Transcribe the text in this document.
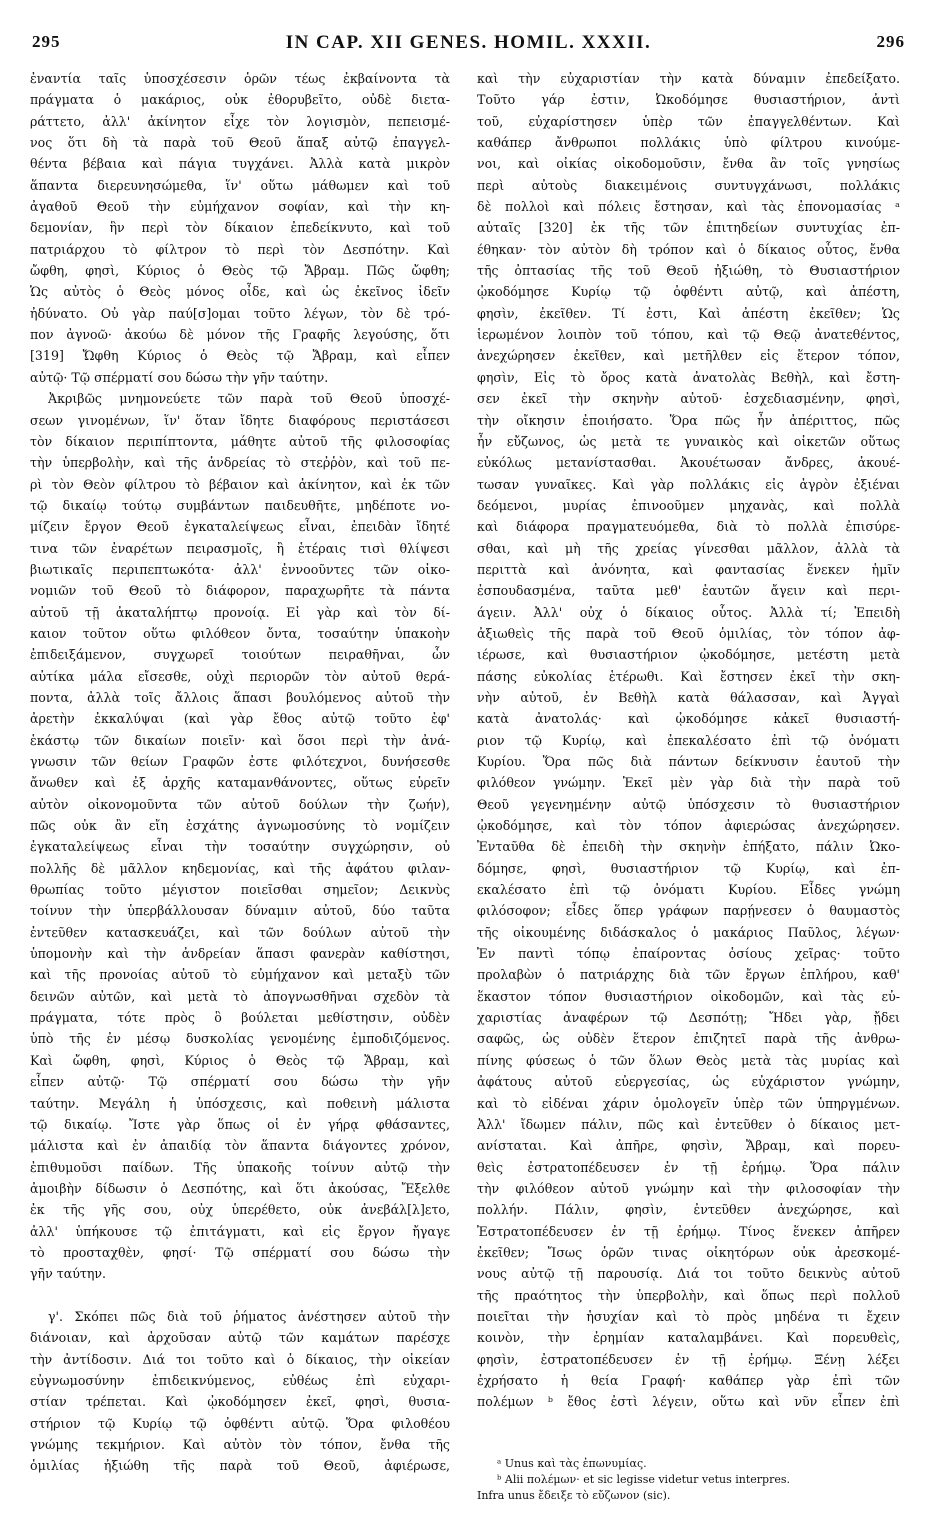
295	IN CAP. XII GENES. HOMIL. XXXII.	296
ἐναντία ταῖς ὑποσχέσεσιν ὁρῶν τέως ἐκβαίνοντα τὰ
πράγματα ὁ μακάριος, οὐκ ἐθορυβεῖτο, οὐδὲ διετα-
ράττετο, ἀλλ' ἀκίνητον εἶχε τὸν λογισμὸν, πεπεισμέ-
νος ὅτι δὴ τὰ παρὰ τοῦ Θεοῦ ἅπαξ αὐτῷ ἐπαγγελ-
θέντα βέβαια καὶ πάγια τυγχάνει. Ἀλλὰ κατὰ μικρὸν
ἅπαντα διερευνησώμεθα, ἵν' οὕτω μάθωμεν καὶ τοῦ
ἀγαθοῦ Θεοῦ τὴν εὐμήχανον σοφίαν, καὶ τὴν κη-
δεμονίαν, ἣν περὶ τὸν δίκαιον ἐπεδείκνυτο, καὶ τοῦ
πατριάρχου τὸ φίλτρον τὸ περὶ τὸν Δεσπότην. Καὶ
ὤφθη, φησὶ, Κύριος ὁ Θεὸς τῷ Ἄβραμ. Πῶς ὤφθη;
Ὡς αὐτὸς ὁ Θεὸς μόνος οἶδε, καὶ ὡς ἐκεῖνος ἰδεῖν
ἠδύνατο. Οὐ γὰρ παύ[σ]ομαι τοῦτο λέγων, τὸν δὲ τρό-
πον ἀγνοῶ· ἀκούω δὲ μόνον τῆς Γραφῆς λεγούσης, ὅτι
[319] Ὤφθη Κύριος ὁ Θεὸς τῷ Ἄβραμ, καὶ εἶπεν
αὐτῷ· Τῷ σπέρματί σου δώσω τὴν γῆν ταύτην.
Ἀκριβῶς μνημονεύετε τῶν παρὰ τοῦ Θεοῦ ὑποσχέ-
σεων γινομένων, ἵν' ὅταν ἴδητε διαφόρους περιστάσεσι
τὸν δίκαιον περιπίπτοντα, μάθητε αὐτοῦ τῆς φιλοσοφίας
τὴν ὑπερβολὴν, καὶ τῆς ἀνδρείας τὸ στεῤῥὸν, καὶ τοῦ πε-
ρὶ τὸν Θεὸν φίλτρου τὸ βέβαιον καὶ ἀκίνητον, καὶ ἐκ τῶν
τῷ δικαίῳ τούτῳ συμβάντων παιδευθῆτε, μηδέποτε νο-
μίζειν ἔργον Θεοῦ ἐγκαταλείψεως εἶναι, ἐπειδὰν ἴδητέ
τινα τῶν ἐναρέτων πειρασμοῖς, ἢ ἑτέραις τισὶ θλίψεσι
βιωτικαῖς περιπεπτωκότα· ἀλλ' ἐννοοῦντες τῶν οἰκο-
νομιῶν τοῦ Θεοῦ τὸ διάφορον, παραχωρῆτε τὰ πάντα
αὐτοῦ τῇ ἀκαταλήπτῳ προνοίᾳ. Εἰ γὰρ καὶ τὸν δί-
καιον τοῦτον οὕτω φιλόθεον ὄντα, τοσαύτην ὑπακοὴν
ἐπιδειξάμενον, συγχωρεῖ τοιούτων πειραθῆναι, ὧν
αὐτίκα μάλα εἴσεσθε, οὐχὶ περιορῶν τὸν αὐτοῦ θερά-
ποντα, ἀλλὰ τοῖς ἄλλοις ἅπασι βουλόμενος αὐτοῦ τὴν
ἀρετὴν ἐκκαλύψαι (καὶ γὰρ ἔθος αὐτῷ τοῦτο ἐφ'
ἑκάστῳ τῶν δικαίων ποιεῖν· καὶ ὅσοι περὶ τὴν ἀνά-
γνωσιν τῶν θείων Γραφῶν ἐστε φιλότεχνοι, δυνήσεσθε
ἄνωθεν καὶ ἐξ ἀρχῆς καταμανθάνοντες, οὕτως εὑρεῖν
αὐτὸν οἰκονομοῦντα τῶν αὐτοῦ δούλων τὴν ζωήν),
πῶς οὐκ ἂν εἴη ἐσχάτης ἀγνωμοσύνης τὸ νομίζειν
ἐγκαταλείψεως εἶναι τὴν τοσαύτην συγχώρησιν, οὐ
πολλῆς δὲ μᾶλλον κηδεμονίας, καὶ τῆς ἀφάτου φιλαν-
θρωπίας τοῦτο μέγιστον ποιεῖσθαι σημεῖον; Δεικνὺς
τοίνυν τὴν ὑπερβάλλουσαν δύναμιν αὐτοῦ, δύο ταῦτα
ἐντεῦθεν κατασκευάζει, καὶ τῶν δούλων αὐτοῦ τὴν
ὑπομονὴν καὶ τὴν ἀνδρείαν ἅπασι φανερὰν καθίστησι,
καὶ τῆς προνοίας αὐτοῦ τὸ εὐμήχανον καὶ μεταξὺ τῶν
δεινῶν αὐτῶν, καὶ μετὰ τὸ ἀπογνωσθῆναι σχεδὸν τὰ
πράγματα, τότε πρὸς ὃ βούλεται μεθίστησιν, οὐδὲν
ὑπὸ τῆς ἐν μέσῳ δυσκολίας γενομένης ἐμποδιζόμενος.
Καὶ ὤφθη, φησὶ, Κύριος ὁ Θεὸς τῷ Ἄβραμ, καὶ
εἶπεν αὐτῷ· Τῷ σπέρματί σου δώσω τὴν γῆν
ταύτην. Μεγάλη ἡ ὑπόσχεσις, καὶ ποθεινὴ μάλιστα
τῷ δικαίῳ. Ἴστε γὰρ ὅπως οἱ ἐν γήρᾳ φθάσαντες,
μάλιστα καὶ ἐν ἀπαιδίᾳ τὸν ἅπαντα διάγοντες χρόνον,
ἐπιθυμοῦσι παίδων. Τῆς ὑπακοῆς τοίνυν αὐτῷ τὴν
ἀμοιβὴν δίδωσιν ὁ Δεσπότης, καὶ ὅτι ἀκούσας, Ἔξελθε
ἐκ τῆς γῆς σου, οὐχ ὑπερέθετο, οὐκ ἀνεβάλ[λ]ετο,
ἀλλ' ὑπήκουσε τῷ ἐπιτάγματι, καὶ εἰς ἔργον ἤγαγε
τὸ προσταχθὲν, φησί· Τῷ σπέρματί σου δώσω τὴν
γῆν ταύτην.

γ'. Σκόπει πῶς διὰ τοῦ ῥήματος ἀνέστησεν αὐτοῦ τὴν
διάνοιαν, καὶ ἀρχοῦσαν αὐτῷ τῶν καμάτων παρέσχε
τὴν ἀντίδοσιν. Διά τοι τοῦτο καὶ ὁ δίκαιος, τὴν οἰκείαν
εὐγνωμοσύνην ἐπιδεικνύμενος, εὐθέως ἐπὶ εὐχαρι-
στίαν τρέπεται. Καὶ ᾠκοδόμησεν ἐκεῖ, φησὶ, θυσια-
στήριον τῷ Κυρίῳ τῷ ὀφθέντι αὐτῷ. Ὅρα φιλοθέου
γνώμης τεκμήριον. Καὶ αὐτὸν τὸν τόπον, ἔνθα τῆς
ὁμιλίας ἠξιώθη τῆς παρὰ τοῦ Θεοῦ, ἀφιέρωσε,
καὶ τὴν εὐχαριστίαν τὴν κατὰ δύναμιν ἐπεδείξατο.
Τοῦτο γάρ ἐστιν, Ὠκοδόμησε θυσιαστήριον, ἀντὶ
τοῦ, εὐχαρίστησεν ὑπὲρ τῶν ἐπαγγελθέντων. Καὶ
καθάπερ ἄνθρωποι πολλάκις ὑπὸ φίλτρου κινούμε-
νοι, καὶ οἰκίας οἰκοδομοῦσιν, ἔνθα ἂν τοῖς γνησίως
περὶ αὐτοὺς διακειμένοις συντυγχάνωσι, πολλάκις
δὲ πολλοὶ καὶ πόλεις ἔστησαν, καὶ τὰς ἐπονομασίας ᵃ
αὐταῖς [320] ἐκ τῆς τῶν ἐπιτηδείων συντυχίας ἐπ-
έθηκαν· τὸν αὐτὸν δὴ τρόπον καὶ ὁ δίκαιος οὗτος, ἔνθα
τῆς ὀπτασίας τῆς τοῦ Θεοῦ ἠξιώθη, τὸ Θυσιαστήριον
ᾠκοδόμησε Κυρίῳ τῷ ὀφθέντι αὐτῷ, καὶ ἀπέστη,
φησὶν, ἐκεῖθεν. Τί ἐστι, Καὶ ἀπέστη ἐκεῖθεν; Ὡς
ἱερωμένον λοιπὸν τοῦ τόπου, καὶ τῷ Θεῷ ἀνατεθέντος,
ἀνεχώρησεν ἐκεῖθεν, καὶ μετῆλθεν εἰς ἕτερον τόπον,
φησὶν, Εἰς τὸ ὄρος κατὰ ἀνατολὰς Βεθὴλ, καὶ ἔστη-
σεν ἐκεῖ τὴν σκηνὴν αὐτοῦ· ἐσχεδιασμένην, φησὶ,
τὴν οἴκησιν ἐποιήσατο. Ὅρα πῶς ἦν ἀπέριττος, πῶς
ἦν εὔζωνος, ὡς μετὰ τε γυναικὸς καὶ οἰκετῶν οὕτως
εὐκόλως μετανίστασθαι. Ἀκουέτωσαν ἄνδρες, ἀκουέ-
τωσαν γυναῖκες. Καὶ γὰρ πολλάκις εἰς ἀγρὸν ἐξιέναι
δεόμενοι, μυρίας ἐπινοοῦμεν μηχανὰς, καὶ πολλὰ
καὶ διάφορα πραγματευόμεθα, διὰ τὸ πολλὰ ἐπισύρε-
σθαι, καὶ μὴ τῆς χρείας γίνεσθαι μᾶλλον, ἀλλὰ τὰ
περιττὰ καὶ ἀνόνητα, καὶ φαντασίας ἕνεκεν ἡμῖν
ἐσπουδασμένα, ταῦτα μεθ' ἑαυτῶν ἄγειν καὶ περι-
άγειν. Ἀλλ' οὐχ ὁ δίκαιος οὗτος. Ἀλλὰ τί; Ἐπειδὴ
ἀξιωθεὶς τῆς παρὰ τοῦ Θεοῦ ὁμιλίας, τὸν τόπον ἀφ-
ιέρωσε, καὶ θυσιαστήριον ᾠκοδόμησε, μετέστη μετὰ
πάσης εὐκολίας ἑτέρωθι. Καὶ ἔστησεν ἐκεῖ τὴν σκη-
νὴν αὐτοῦ, ἐν Βεθὴλ κατὰ θάλασσαν, καὶ Ἀγγαὶ
κατὰ ἀνατολάς· καὶ ᾠκοδόμησε κἀκεῖ θυσιαστή-
ριον τῷ Κυρίῳ, καὶ ἐπεκαλέσατο ἐπὶ τῷ ὀνόματι
Κυρίου. Ὅρα πῶς διὰ πάντων δείκνυσιν ἑαυτοῦ τὴν
φιλόθεον γνώμην. Ἐκεῖ μὲν γὰρ διὰ τὴν παρὰ τοῦ
Θεοῦ γεγενημένην αὐτῷ ὑπόσχεσιν τὸ θυσιαστήριον
ᾠκοδόμησε, καὶ τὸν τόπον ἀφιερώσας ἀνεχώρησεν.
Ἐνταῦθα δὲ ἐπειδὴ τὴν σκηνὴν ἐπήξατο, πάλιν Ὠκο-
δόμησε, φησὶ, θυσιαστήριον τῷ Κυρίῳ, καὶ ἐπ-
εκαλέσατο ἐπὶ τῷ ὀνόματι Κυρίου. Εἶδες γνώμη
φιλόσοφον; εἶδες ὅπερ γράφων παρῄνεσεν ὁ θαυμαστὸς
τῆς οἰκουμένης διδάσκαλος ὁ μακάριος Παῦλος, λέγων·
Ἐν παντὶ τόπῳ ἐπαίροντας ὁσίους χεῖρας· τοῦτο
προλαβὼν ὁ πατριάρχης διὰ τῶν ἔργων ἐπλήρου, καθ'
ἕκαστον τόπον θυσιαστήριον οἰκοδομῶν, καὶ τὰς εὐ-
χαριστίας ἀναφέρων τῷ Δεσπότῃ; Ἤδει γὰρ, ᾔδει
σαφῶς, ὡς οὐδὲν ἕτερον ἐπιζητεῖ παρὰ τῆς ἀνθρω-
πίνης φύσεως ὁ τῶν ὅλων Θεὸς μετὰ τὰς μυρίας καὶ
ἀφάτους αὐτοῦ εὐεργεσίας, ὡς εὐχάριστον γνώμην,
καὶ τὸ εἰδέναι χάριν ὁμολογεῖν ὑπὲρ τῶν ὑπηργμένων.
Ἀλλ' ἴδωμεν πάλιν, πῶς καὶ ἐντεῦθεν ὁ δίκαιος μετ-
ανίσταται. Καὶ ἀπῆρε, φησὶν, Ἄβραμ, καὶ πορευ-
θεὶς ἐστρατοπέδευσεν ἐν τῇ ἐρήμῳ. Ὅρα πάλιν
τὴν φιλόθεον αὐτοῦ γνώμην καὶ τὴν φιλοσοφίαν τὴν
πολλήν. Πάλιν, φησὶν, ἐντεῦθεν ἀνεχώρησε, καὶ
Ἐστρατοπέδευσεν ἐν τῇ ἐρήμῳ. Τίνος ἕνεκεν ἀπῆρεν
ἐκεῖθεν; Ἴσως ὁρῶν τινας οἰκητόρων οὐκ ἀρεσκομέ-
νους αὐτῷ τῇ παρουσίᾳ. Διά τοι τοῦτο δεικνὺς αὐτοῦ
τῆς πραότητος τὴν ὑπερβολὴν, καὶ ὅπως περὶ πολλοῦ
ποιεῖται τὴν ἡσυχίαν καὶ τὸ πρὸς μηδένα τι ἔχειν
κοινὸν, τὴν ἐρημίαν καταλαμβάνει. Καὶ πορευθεὶς,
φησὶν, ἐστρατοπέδευσεν ἐν τῇ ἐρήμῳ. Ξένῃ λέξει
ἐχρήσατο ἡ θεία Γραφή· καθάπερ γὰρ ἐπὶ τῶν
πολέμων ᵇ ἔθος ἐστὶ λέγειν, οὕτω καὶ νῦν εἶπεν ἐπὶ
ᵃ Unus καὶ τὰς ἐπωνυμίας.
ᵇ Alii πολέμων· et sic legisse videtur vetus interpres.
Infra unus ἔδειξε τὸ εὔζωνον (sic).
